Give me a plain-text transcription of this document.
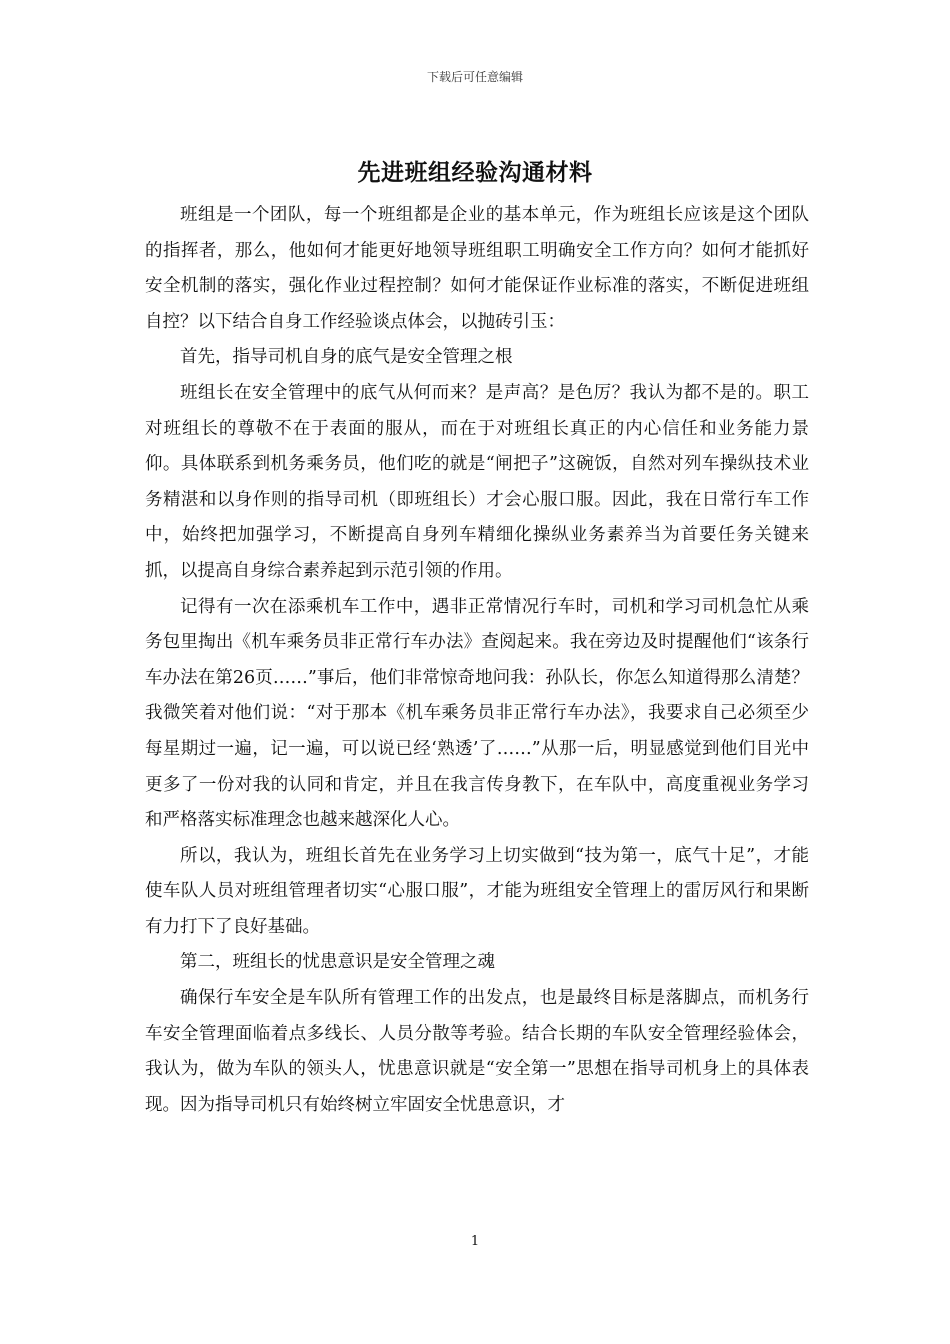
下载后可任意编辑
先进班组经验沟通材料

班组是一个团队，每一个班组都是企业的基本单元，作为班组长应该是这个团队的指挥者，那么，他如何才能更好地领导班组职工明确安全工作方向？如何才能抓好安全机制的落实，强化作业过程控制？如何才能保证作业标准的落实，不断促进班组自控？以下结合自身工作经验谈点体会，以抛砖引玉：

首先，指导司机自身的底气是安全管理之根

班组长在安全管理中的底气从何而来？是声高？是色厉？我认为都不是的。职工对班组长的尊敬不在于表面的服从，而在于对班组长真正的内心信任和业务能力景仰。具体联系到机务乘务员，他们吃的就是“闸把子”这碗饭，自然对列车操纵技术业务精湛和以身作则的指导司机（即班组长）才会心服口服。因此，我在日常行车工作中，始终把加强学习，不断提高自身列车精细化操纵业务素养当为首要任务关键来抓，以提高自身综合素养起到示范引领的作用。

记得有一次在添乘机车工作中，遇非正常情况行车时，司机和学习司机急忙从乘务包里掏出《机车乘务员非正常行车办法》查阅起来。我在旁边及时提醒他们“该条行车办法在第26页……”事后，他们非常惊奇地问我：孙队长，你怎么知道得那么清楚？我微笑着对他们说：“对于那本《机车乘务员非正常行车办法》，我要求自己必须至少每星期过一遍，记一遍，可以说已经‘熟透’了……”从那一后，明显感觉到他们目光中更多了一份对我的认同和肯定，并且在我言传身教下，在车队中，高度重视业务学习和严格落实标准理念也越来越深化人心。

所以，我认为，班组长首先在业务学习上切实做到“技为第一，底气十足”，才能使车队人员对班组管理者切实“心服口服”，才能为班组安全管理上的雷厉风行和果断有力打下了良好基础。

第二，班组长的忧患意识是安全管理之魂

确保行车安全是车队所有管理工作的出发点，也是最终目标是落脚点，而机务行车安全管理面临着点多线长、人员分散等考验。结合长期的车队安全管理经验体会，我认为，做为车队的领头人，忧患意识就是“安全第一”思想在指导司机身上的具体表现。因为指导司机只有始终树立牢固安全忧患意识，才

1
